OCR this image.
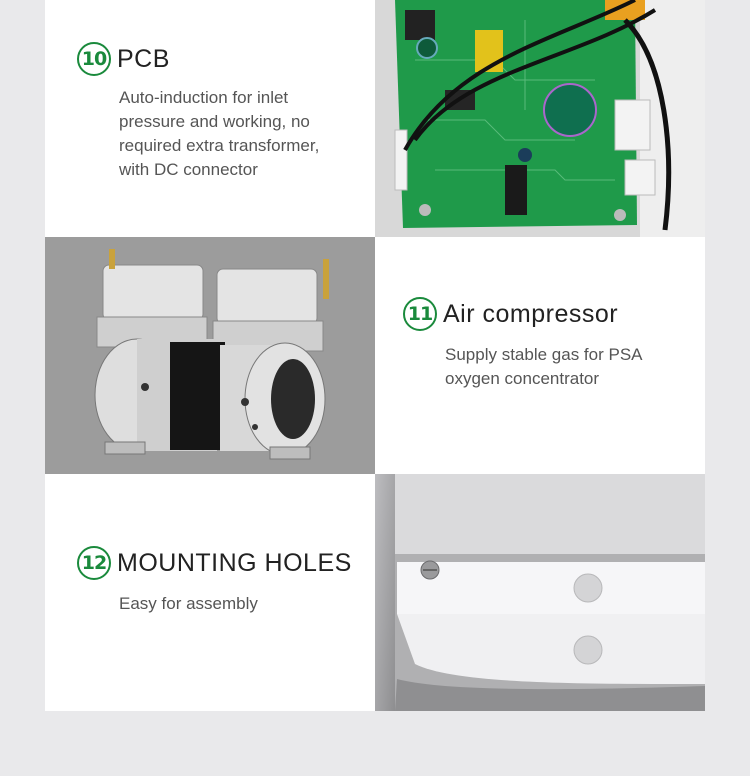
10 PCB
Auto-induction for inlet
pressure and working, no
required extra transformer,
with DC connector
11 Air compressor
Supply stable gas for PSA
oxygen concentrator
12 MOUNTING HOLES
Easy for assembly
